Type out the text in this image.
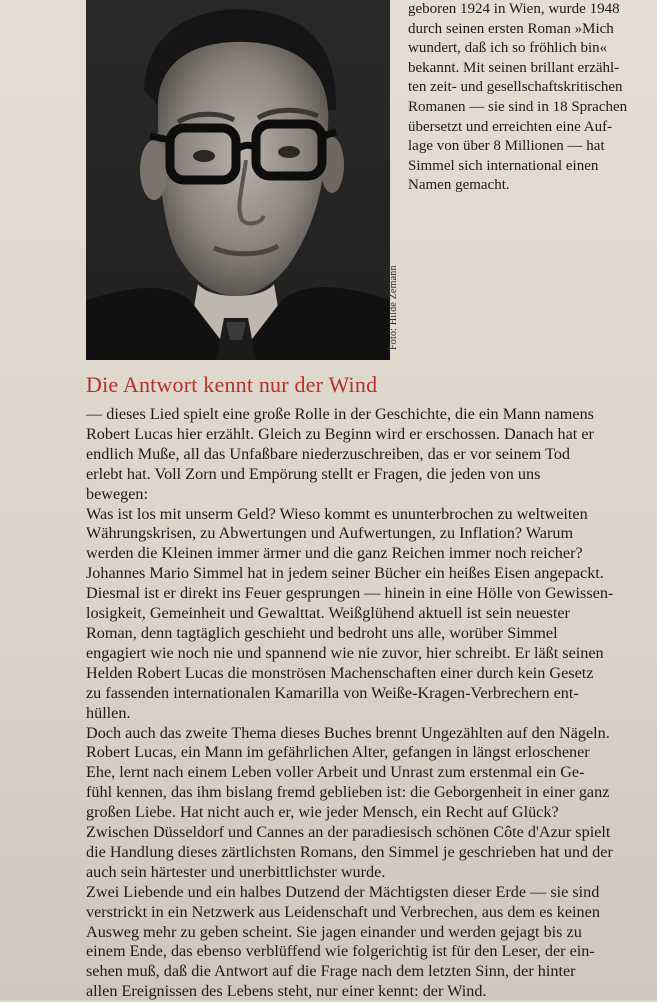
Foto: Hilde Zemann
geboren 1924 in Wien, wurde 1948
durch seinen ersten Roman »Mich
wundert, daß ich so fröhlich bin«
bekannt. Mit seinen brillant erzähl-
ten zeit- und gesellschaftskritischen
Romanen — sie sind in 18 Sprachen
übersetzt und erreichten eine Auf-
lage von über 8 Millionen — hat
Simmel sich international einen
Namen gemacht.
Die Antwort kennt nur der Wind
— dieses Lied spielt eine große Rolle in der Geschichte, die ein Mann namens
Robert Lucas hier erzählt. Gleich zu Beginn wird er erschossen. Danach hat er
endlich Muße, all das Unfaßbare niederzuschreiben, das er vor seinem Tod
erlebt hat. Voll Zorn und Empörung stellt er Fragen, die jeden von uns
bewegen:
Was ist los mit unserm Geld? Wieso kommt es ununterbrochen zu weltweiten
Währungskrisen, zu Abwertungen und Aufwertungen, zu Inflation? Warum
werden die Kleinen immer ärmer und die ganz Reichen immer noch reicher?
Johannes Mario Simmel hat in jedem seiner Bücher ein heißes Eisen angepackt.
Diesmal ist er direkt ins Feuer gesprungen — hinein in eine Hölle von Gewissen-
losigkeit, Gemeinheit und Gewalttat. Weißglühend aktuell ist sein neuester
Roman, denn tagtäglich geschieht und bedroht uns alle, worüber Simmel
engagiert wie noch nie und spannend wie nie zuvor, hier schreibt. Er läßt seinen
Helden Robert Lucas die monströsen Machenschaften einer durch kein Gesetz
zu fassenden internationalen Kamarilla von Weiße-Kragen-Verbrechern ent-
hüllen.
Doch auch das zweite Thema dieses Buches brennt Ungezählten auf den Nägeln.
Robert Lucas, ein Mann im gefährlichen Alter, gefangen in längst erloschener
Ehe, lernt nach einem Leben voller Arbeit und Unrast zum erstenmal ein Ge-
fühl kennen, das ihm bislang fremd geblieben ist: die Geborgenheit in einer ganz
großen Liebe. Hat nicht auch er, wie jeder Mensch, ein Recht auf Glück?
Zwischen Düsseldorf und Cannes an der paradiesisch schönen Côte d'Azur spielt
die Handlung dieses zärtlichsten Romans, den Simmel je geschrieben hat und der
auch sein härtester und unerbittlichster wurde.
Zwei Liebende und ein halbes Dutzend der Mächtigsten dieser Erde — sie sind
verstrickt in ein Netzwerk aus Leidenschaft und Verbrechen, aus dem es keinen
Ausweg mehr zu geben scheint. Sie jagen einander und werden gejagt bis zu
einem Ende, das ebenso verblüffend wie folgerichtig ist für den Leser, der ein-
sehen muß, daß die Antwort auf die Frage nach dem letzten Sinn, der hinter
allen Ereignissen des Lebens steht, nur einer kennt: der Wind.
